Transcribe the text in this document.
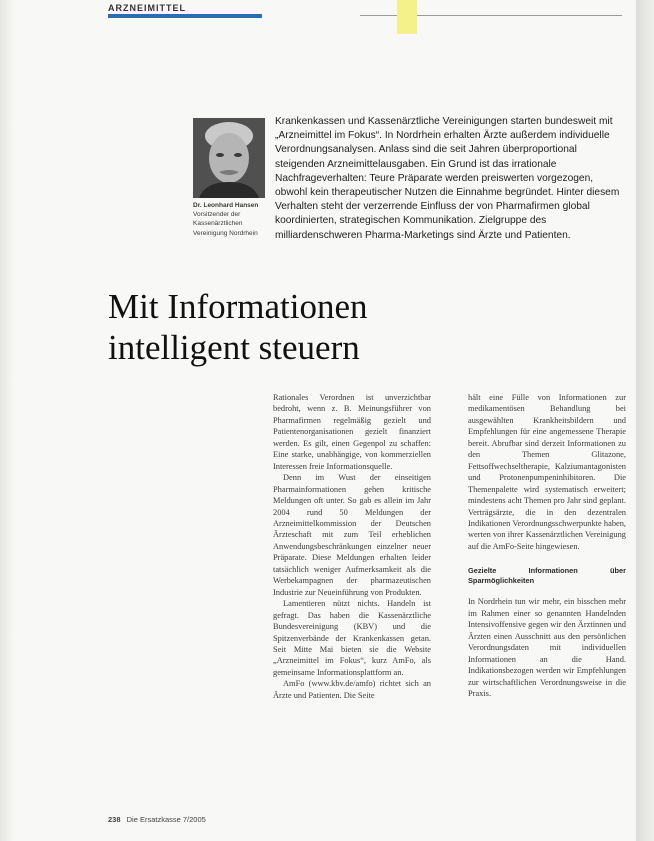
ARZNEIMITTEL
Dr. Leonhard Hansen
Vorsitzender der Kassenärztlichen Vereinigung Nordrhein
Krankenkassen und Kassenärztliche Vereinigungen starten bundesweit mit „Arzneimittel im Fokus“. In Nordrhein erhalten Ärzte außerdem individuelle Verordnungsanalysen. Anlass sind die seit Jahren überproportional steigenden Arzneimittelausgaben. Ein Grund ist das irrationale Nachfrageverhalten: Teure Präparate werden preiswerten vorgezogen, obwohl kein therapeutischer Nutzen die Einnahme begründet. Hinter diesem Verhalten steht der verzerrende Einfluss der von Pharmafirmen global koordinierten, strategischen Kommunikation. Zielgruppe des milliardenschweren Pharma-Marketings sind Ärzte und Patienten.
Mit Informationen
intelligent steuern

Rationales Verordnen ist unverzichtbar bedroht, wenn z. B. Meinungsführer von Pharmafirmen regelmäßig gezielt und Patientenorganisationen gezielt finanziert werden. Es gilt, einen Gegenpol zu schaffen: Eine starke, unabhängige, von kommerziellen Interessen freie Informationsquelle.

Denn im Wust der einseitigen Pharmainformationen gehen kritische Meldungen oft unter. So gab es allein im Jahr 2004 rund 50 Meldungen der Arzneimittelkommission der Deutschen Ärzteschaft mit zum Teil erheblichen Anwendungsbeschränkungen einzelner neuer Präparate. Diese Meldungen erhalten leider tatsächlich weniger Aufmerksamkeit als die Werbekampagnen der pharmazeutischen Industrie zur Neueinführung von Produkten.

Lamentieren nützt nichts. Handeln ist gefragt. Das haben die Kassenärztliche Bundesvereinigung (KBV) und die Spitzenverbände der Krankenkassen getan. Seit Mitte Mai bieten sie die Website „Arzneimittel im Fokus“, kurz AmFo, als gemeinsame Informationsplattform an.

AmFo (www.kbv.de/amfo) richtet sich an Ärzte und Patienten. Die Seite

hält eine Fülle von Informationen zur medikamentösen Behandlung bei ausgewählten Krankheitsbildern und Empfehlungen für eine angemessene Therapie bereit. Abrufbar sind derzeit Informationen zu den Themen Glitazone, Fettsoffwechseltherapie, Kalziumantagonisten und Protonenpumpeninhibitoren. Die Themenpalette wird systematisch erweitert; mindestens acht Themen pro Jahr sind geplant. Verträgsärzte, die in den dezentralen Indikationen Verordnungsschwerpunkte haben, werten von ihrer Kassenärztlichen Vereinigung auf die AmFo-Seite hingewiesen.

Gezielte Informationen über Sparmöglichkeiten

In Nordrhein tun wir mehr, ein bisschen mehr im Rahmen einer so genannten Handelnden Intensivoffensive gegen wir den Ärztinnen und Ärzten einen Ausschnitt aus den persönlichen Verordnungsdaten mit individuellen Informationen an die Hand. Indikationsbezogen werden wir Empfehlungen zur wirtschaftlichen Verordnungsweise in die Praxis.

238 Die Ersatzkasse 7/2005
